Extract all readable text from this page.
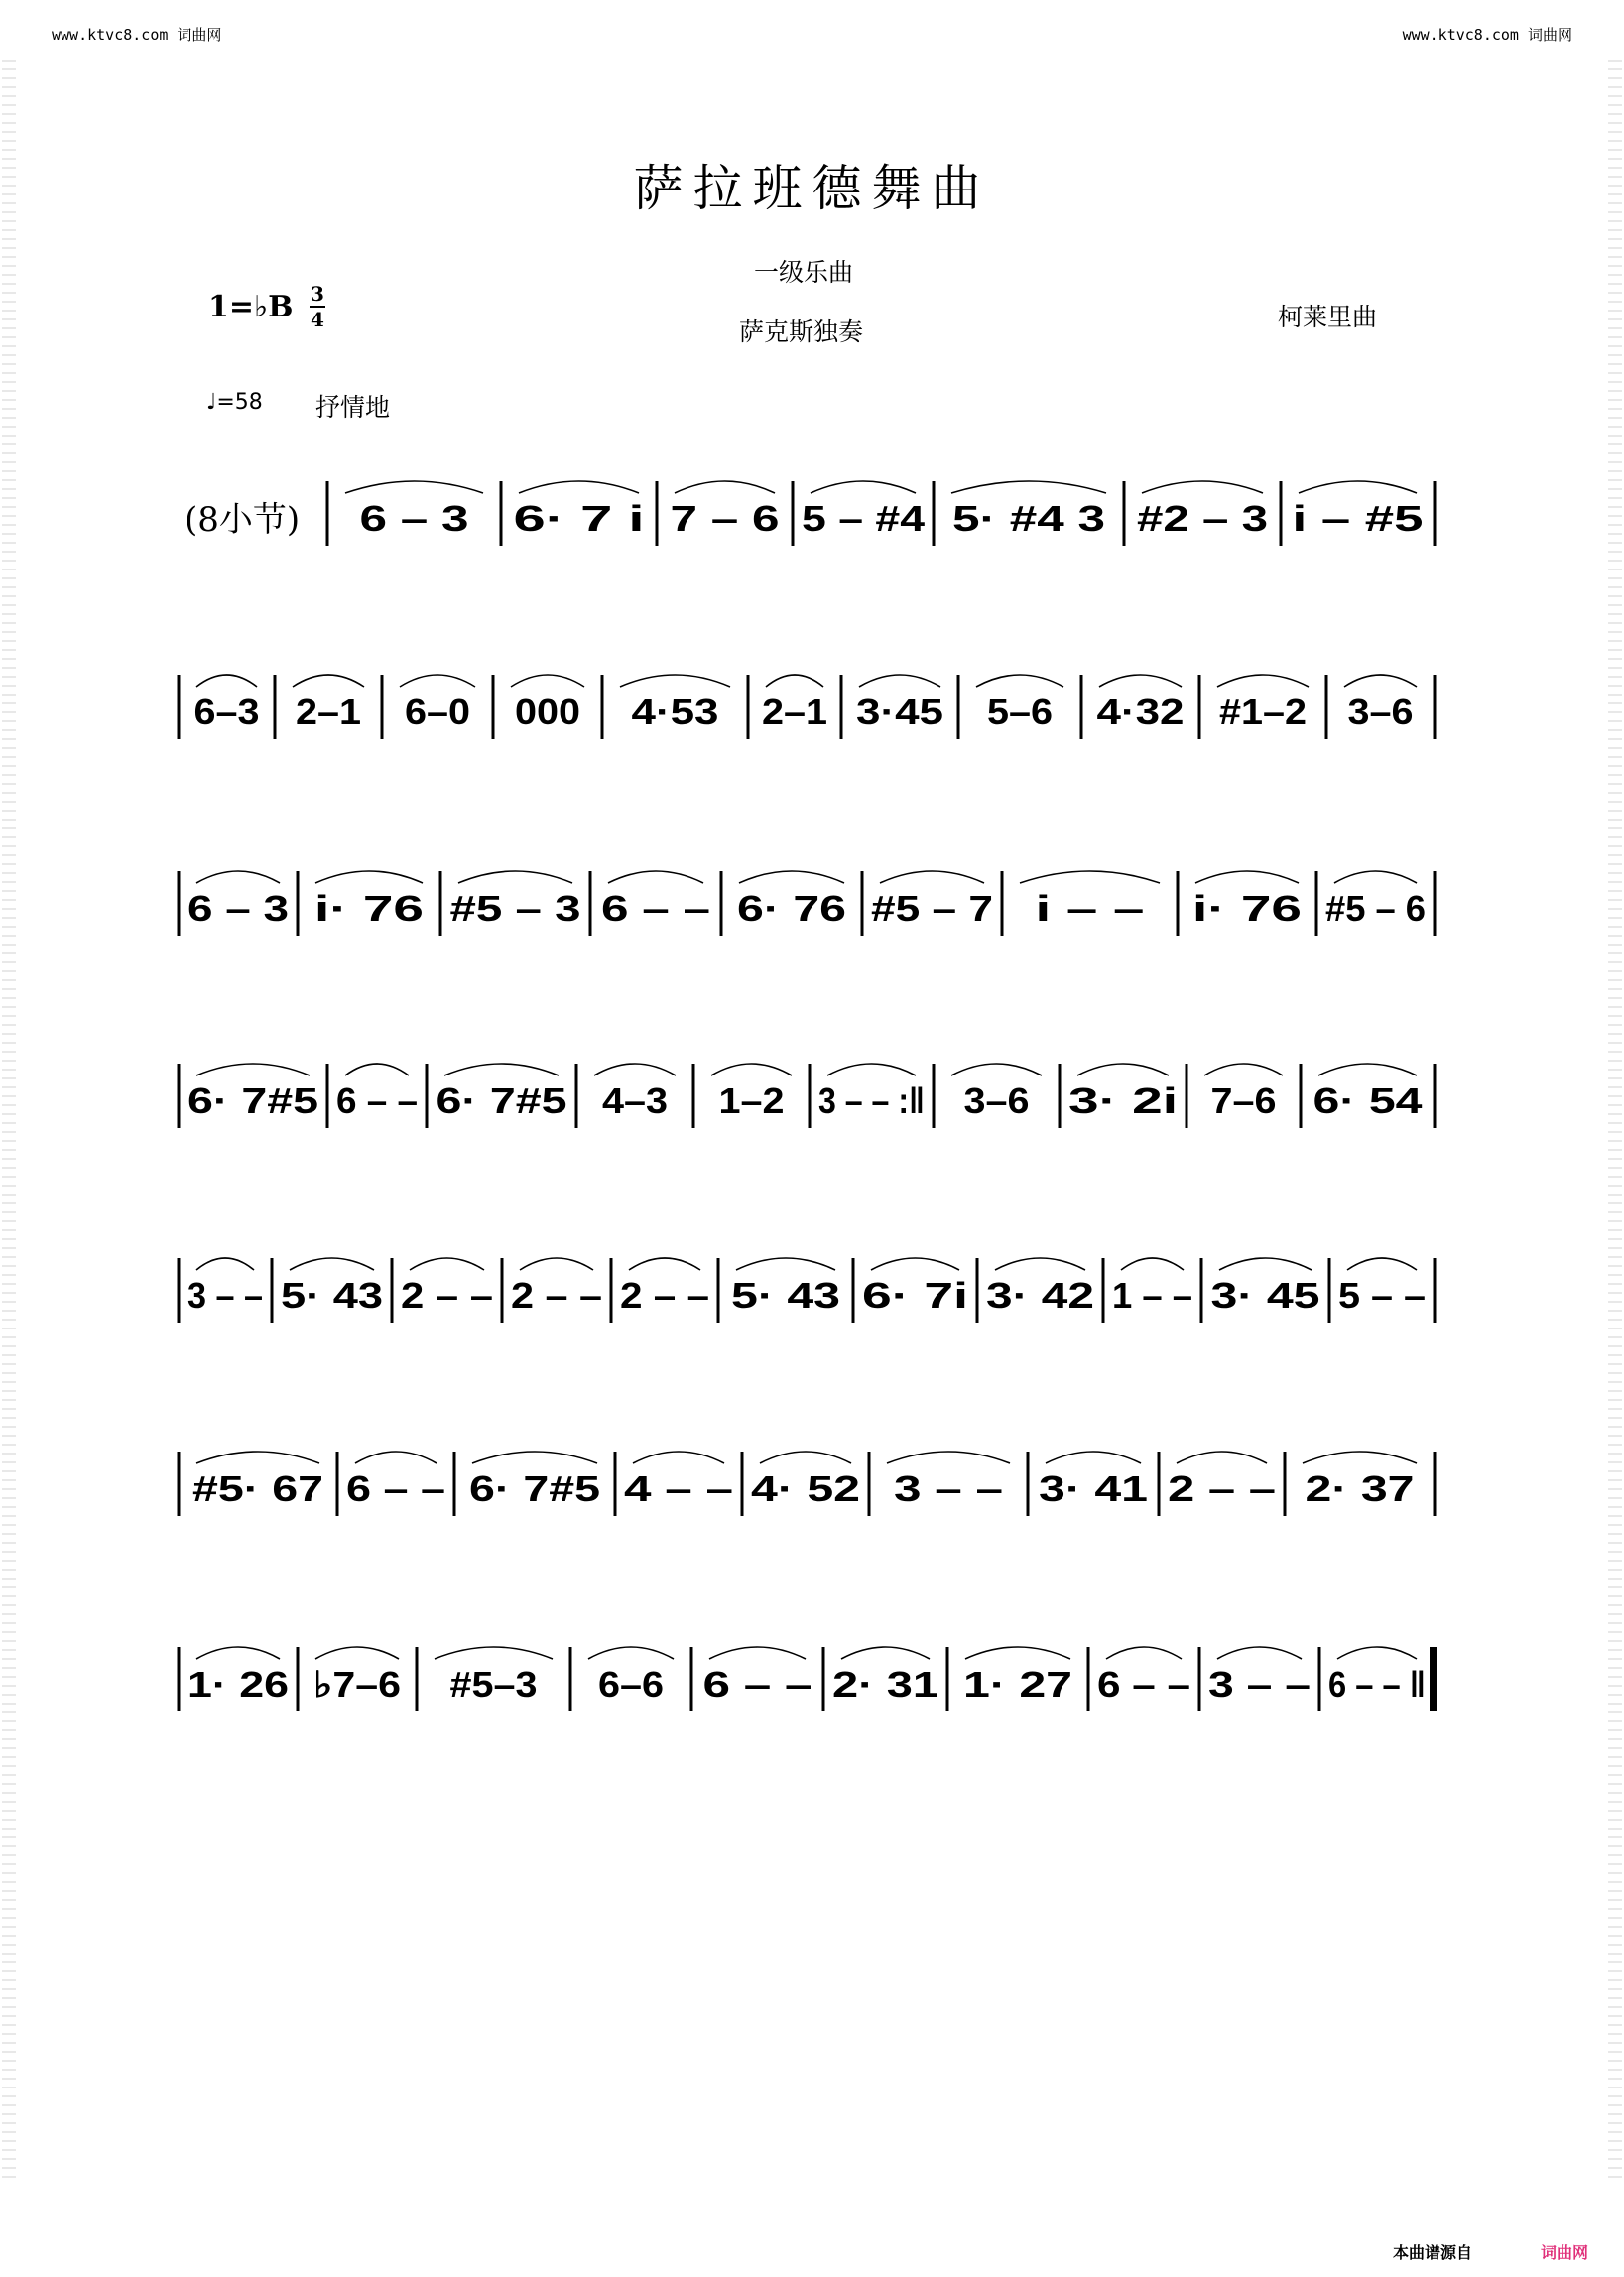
www.ktvc8.com 词曲网	www.ktvc8.com 词曲网
萨拉班德舞曲
一级乐曲
萨克斯独奏
柯莱里曲
1=♭B 3
4
♩=58 抒情地
(8小节) 6 – 3 6· 7 i 7 – 6 5 – #4 5· #4 3 #2 – 3 i – #5
6–3 2–1 6–0 000 4·53 2–1 3·45 5–6 4·32 #1–2 3–6
6 – 3 i· 76 #5 – 3 6 – – 6· 76 #5 – 7 i – – i· 76 #5 – 6
6· 7#5 6 – – 6· 7#5 4–3 1–2 3 – – :‖ 3–6 3· 2i 7–6 6· 54
3 – – 5· 43 2 – – 2 – – 2 – – 5· 43 6· 7i 3· 42 1 – – 3· 45 5 – –
#5· 67 6 – – 6· 7#5 4 – – 4· 52 3 – – 3· 41 2 – – 2· 37
1· 26 ♭7–6 #5–3 6–6 6 – – 2· 31 1· 27 6 – – 3 – – 6 – – ‖
本曲谱源自	词曲网
